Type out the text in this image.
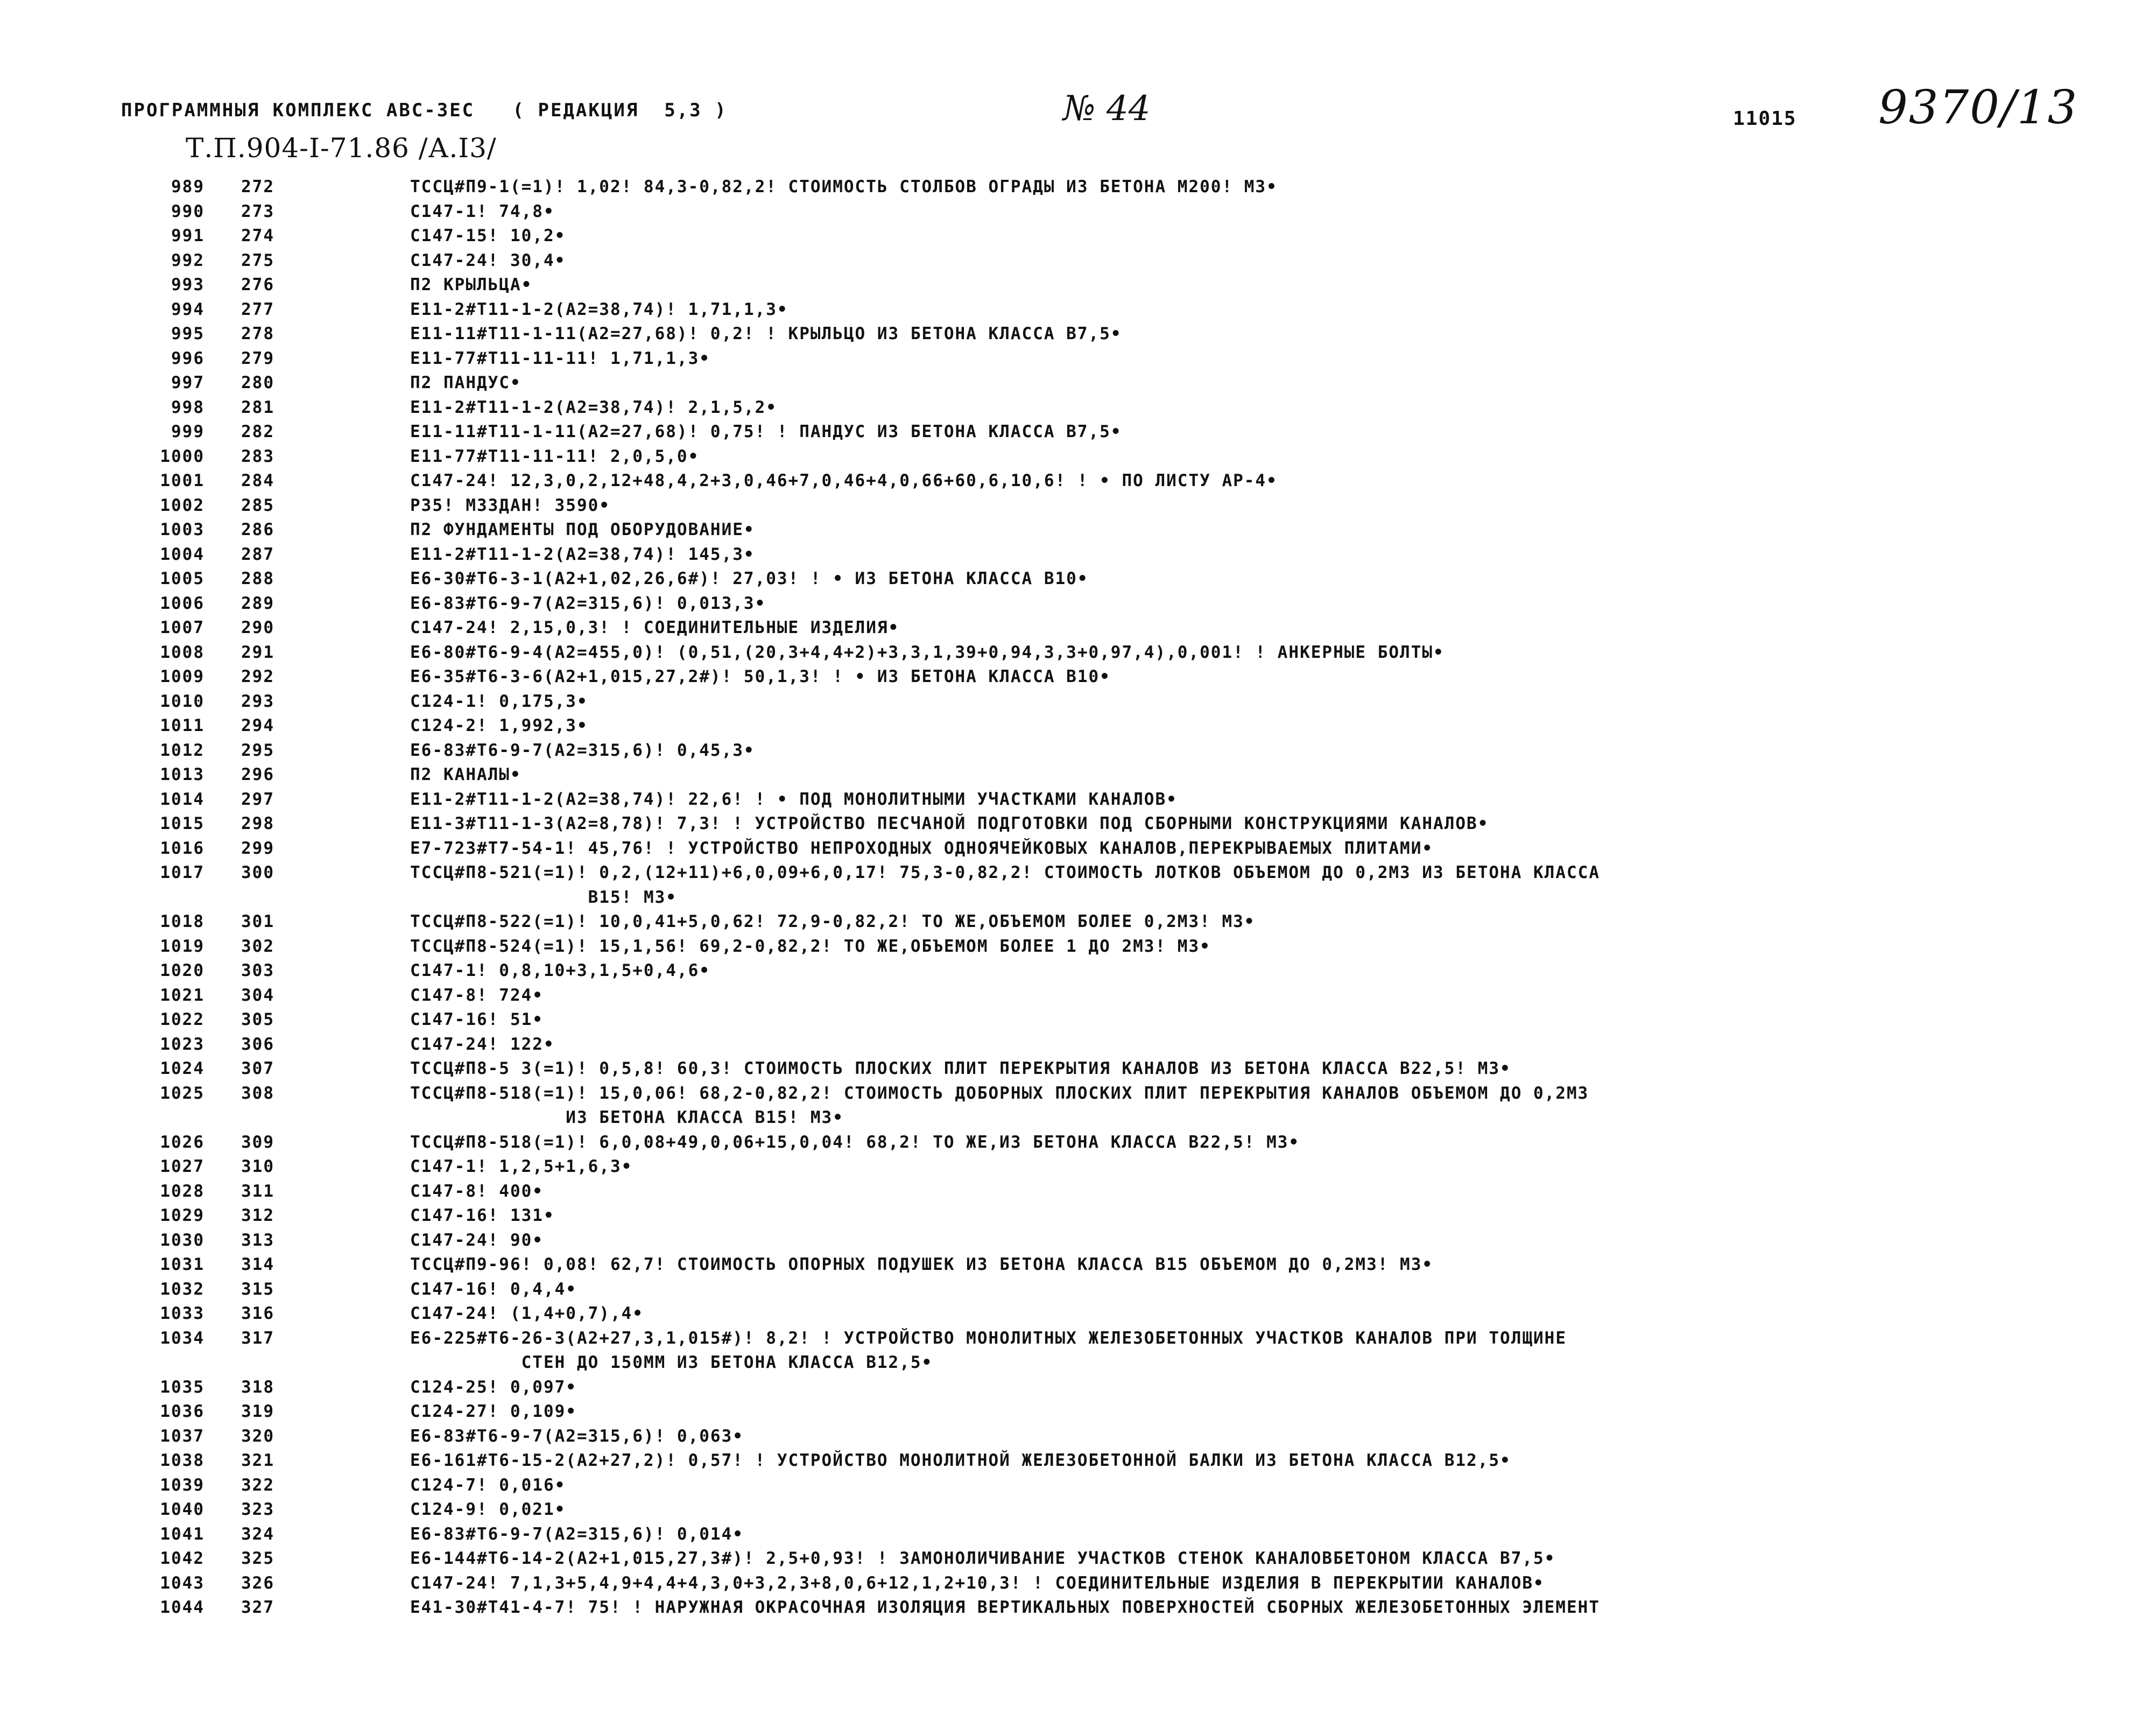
ПРОГРАММНЫЯ КОМПЛЕКС АВС-3ЕС   ( РЕДАКЦИЯ  5,3 )	№ 44	11015 9370/13
Т.П.904-I-71.86 /А.I3/
989	272	ТССЦ#П9-1(=1)! 1,02! 84,3-0,82,2! СТОИМОСТЬ СТОЛБОВ ОГРАДЫ ИЗ БЕТОНА М200! М3•
990	273	С147-1! 74,8•
991	274	С147-15! 10,2•
992	275	С147-24! 30,4•
993	276	П2 КРЫЛЬЦА•
994	277	Е11-2#Т11-1-2(А2=38,74)! 1,71,1,3•
995	278	Е11-11#Т11-1-11(А2=27,68)! 0,2! ! КРЫЛЬЦО ИЗ БЕТОНА КЛАССА В7,5•
996	279	Е11-77#Т11-11-11! 1,71,1,3•
997	280	П2 ПАНДУС•
998	281	Е11-2#Т11-1-2(А2=38,74)! 2,1,5,2•
999	282	Е11-11#Т11-1-11(А2=27,68)! 0,75! ! ПАНДУС ИЗ БЕТОНА КЛАССА В7,5•
1000	283	Е11-77#Т11-11-11! 2,0,5,0•
1001	284	С147-24! 12,3,0,2,12+48,4,2+3,0,46+7,0,46+4,0,66+60,6,10,6! ! • ПО ЛИСТУ АР-4•
1002	285	Р35! М33ДАН! 3590•
1003	286	П2 ФУНДАМЕНТЫ ПОД ОБОРУДОВАНИЕ•
1004	287	Е11-2#Т11-1-2(А2=38,74)! 145,3•
1005	288	Е6-30#Т6-3-1(А2+1,02,26,6#)! 27,03! ! • ИЗ БЕТОНА КЛАССА В10•
1006	289	Е6-83#Т6-9-7(А2=315,6)! 0,013,3•
1007	290	С147-24! 2,15,0,3! ! СОЕДИНИТЕЛЬНЫЕ ИЗДЕЛИЯ•
1008	291	Е6-80#Т6-9-4(А2=455,0)! (0,51,(20,3+4,4+2)+3,3,1,39+0,94,3,3+0,97,4),0,001! ! АНКЕРНЫЕ БОЛТЫ•
1009	292	Е6-35#Т6-3-6(А2+1,015,27,2#)! 50,1,3! ! • ИЗ БЕТОНА КЛАССА В10•
1010	293	С124-1! 0,175,3•
1011	294	С124-2! 1,992,3•
1012	295	Е6-83#Т6-9-7(А2=315,6)! 0,45,3•
1013	296	П2 КАНАЛЫ•
1014	297	Е11-2#Т11-1-2(А2=38,74)! 22,6! ! • ПОД МОНОЛИТНЫМИ УЧАСТКАМИ КАНАЛОВ•
1015	298	Е11-3#Т11-1-3(А2=8,78)! 7,3! ! УСТРОЙСТВО ПЕСЧАНОЙ ПОДГОТОВКИ ПОД СБОРНЫМИ КОНСТРУКЦИЯМИ КАНАЛОВ•
1016	299	Е7-723#Т7-54-1! 45,76! ! УСТРОЙСТВО НЕПРОХОДНЫХ ОДНОЯЧЕЙКОВЫХ КАНАЛОВ,ПЕРЕКРЫВАЕМЫХ ПЛИТАМИ•
1017	300	ТССЦ#П8-521(=1)! 0,2,(12+11)+6,0,09+6,0,17! 75,3-0,82,2! СТОИМОСТЬ ЛОТКОВ ОБЪЕМОМ ДО 0,2М3 ИЗ БЕТОНА КЛАССА
В15! М3•
1018	301	ТССЦ#П8-522(=1)! 10,0,41+5,0,62! 72,9-0,82,2! ТО ЖЕ,ОБЪЕМОМ БОЛЕЕ 0,2М3! М3•
1019	302	ТССЦ#П8-524(=1)! 15,1,56! 69,2-0,82,2! ТО ЖЕ,ОБЪЕМОМ БОЛЕЕ 1 ДО 2М3! М3•
1020	303	С147-1! 0,8,10+3,1,5+0,4,6•
1021	304	С147-8! 724•
1022	305	С147-16! 51•
1023	306	С147-24! 122•
1024	307	ТССЦ#П8-5 3(=1)! 0,5,8! 60,3! СТОИМОСТЬ ПЛОСКИХ ПЛИТ ПЕРЕКРЫТИЯ КАНАЛОВ ИЗ БЕТОНА КЛАССА В22,5! М3•
1025	308	ТССЦ#П8-518(=1)! 15,0,06! 68,2-0,82,2! СТОИМОСТЬ ДОБОРНЫХ ПЛОСКИХ ПЛИТ ПЕРЕКРЫТИЯ КАНАЛОВ ОБЪЕМОМ ДО 0,2М3
ИЗ БЕТОНА КЛАССА В15! М3•
1026	309	ТССЦ#П8-518(=1)! 6,0,08+49,0,06+15,0,04! 68,2! ТО ЖЕ,ИЗ БЕТОНА КЛАССА В22,5! М3•
1027	310	С147-1! 1,2,5+1,6,3•
1028	311	С147-8! 400•
1029	312	С147-16! 131•
1030	313	С147-24! 90•
1031	314	ТССЦ#П9-96! 0,08! 62,7! СТОИМОСТЬ ОПОРНЫХ ПОДУШЕК ИЗ БЕТОНА КЛАССА В15 ОБЪЕМОМ ДО 0,2М3! М3•
1032	315	С147-16! 0,4,4•
1033	316	С147-24! (1,4+0,7),4•
1034	317	Е6-225#Т6-26-3(А2+27,3,1,015#)! 8,2! ! УСТРОЙСТВО МОНОЛИТНЫХ ЖЕЛЕЗОБЕТОННЫХ УЧАСТКОВ КАНАЛОВ ПРИ ТОЛЩИНЕ
СТЕН ДО 150ММ ИЗ БЕТОНА КЛАССА В12,5•
1035	318	С124-25! 0,097•
1036	319	С124-27! 0,109•
1037	320	Е6-83#Т6-9-7(А2=315,6)! 0,063•
1038	321	Е6-161#Т6-15-2(А2+27,2)! 0,57! ! УСТРОЙСТВО МОНОЛИТНОЙ ЖЕЛЕЗОБЕТОННОЙ БАЛКИ ИЗ БЕТОНА КЛАССА В12,5•
1039	322	С124-7! 0,016•
1040	323	С124-9! 0,021•
1041	324	Е6-83#Т6-9-7(А2=315,6)! 0,014•
1042	325	Е6-144#Т6-14-2(А2+1,015,27,3#)! 2,5+0,93! ! ЗАМОНОЛИЧИВАНИЕ УЧАСТКОВ СТЕНОК КАНАЛОВБЕТОНОМ КЛАССА В7,5•
1043	326	С147-24! 7,1,3+5,4,9+4,4+4,3,0+3,2,3+8,0,6+12,1,2+10,3! ! СОЕДИНИТЕЛЬНЫЕ ИЗДЕЛИЯ В ПЕРЕКРЫТИИ КАНАЛОВ•
1044	327	Е41-30#Т41-4-7! 75! ! НАРУЖНАЯ ОКРАСОЧНАЯ ИЗОЛЯЦИЯ ВЕРТИКАЛЬНЫХ ПОВЕРХНОСТЕЙ СБОРНЫХ ЖЕЛЕЗОБЕТОННЫХ ЭЛЕМЕНТ
